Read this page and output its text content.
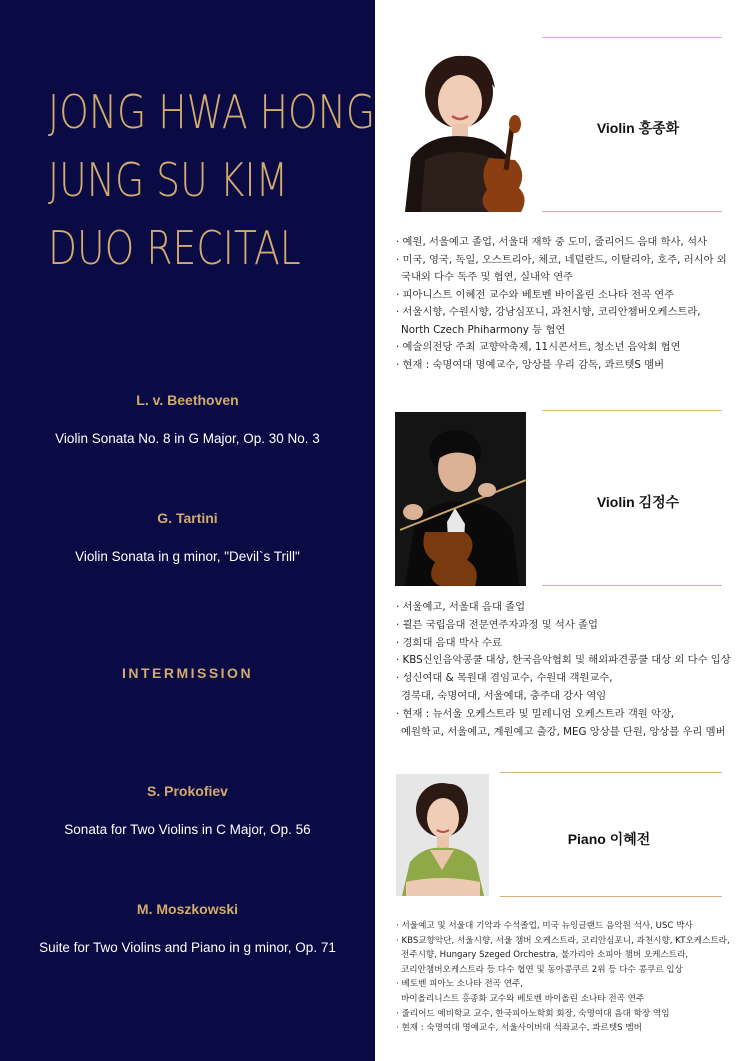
JONG HWA HONG
JUNG SU KIM
DUO RECITAL
L. v. Beethoven
Violin Sonata No. 8 in G Major, Op. 30 No. 3
G. Tartini
Violin Sonata in g minor, "Devil`s Trill"
INTERMISSION
S. Prokofiev
Sonata for Two Violins in C Major, Op. 56
M. Moszkowski
Suite for Two Violins and Piano in g minor, Op. 71
Violin 홍종화
· 예원, 서울예고 졸업, 서울대 재학 중 도미, 줄리어드 음대 학사, 석사
· 미국, 영국, 독일, 오스트리아, 체코, 네덜란드, 이탈리아, 호주, 러시아 외
국내외 다수 독주 및 협연, 실내악 연주
· 피아니스트 이혜전 교수와 베토벤 바이올린 소나타 전곡 연주
· 서울시향, 수원시향, 강남심포니, 과천시향, 코리안챔버오케스트라,
North Czech Phiharmony 등 협연
· 예술의전당 주최 교향악축제, 11시콘서트, 청소년 음악회 협연
· 현재 : 숙명여대 명예교수, 앙상블 우리 감독, 콰르텟S 멤버
Violin 김정수
· 서울예고, 서울대 음대 졸업
· 쾰른 국립음대 전문연주자과정 및 석사 졸업
· 경희대 음대 박사 수료
· KBS신인음악콩쿨 대상, 한국음악협회 및 해외파견콩쿨 대상 외 다수 입상
· 성신여대 & 목원대 겸임교수, 수원대 객원교수,
경북대, 숙명여대, 서울예대, 충주대 강사 역임
· 현재 : 뉴서울 오케스트라 및 밀레니엄 오케스트라 객원 악장,
예원학교, 서울예고, 계원예고 출강, MEG 앙상블 단원, 앙상블 우리 멤버
Piano 이혜전
· 서울예고 및 서울대 기악과 수석졸업, 미국 뉴잉글랜드 음악원 석사, USC 박사
· KBS교향악단, 서울시향, 서울 챔버 오케스트라, 코리안심포니, 과천시향, KT오케스트라,
전주시향, Hungary Szeged Orchestra, 불가리아 소피아 챔버 오케스트라,
코리안챔버오케스트라 등 다수 협연 및 동아콩쿠르 2위 등 다수 콩쿠르 입상
· 베토벤 피아노 소나타 전곡 연주,
바이올리니스트 홍종화 교수와 베토벤 바이올린 소나타 전곡 연주
· 줄리어드 예비학교 교수, 한국피아노학회 회장, 숙명여대 음대 학장 역임
· 현재 : 숙명여대 명예교수, 서울사이버대 석좌교수, 콰르텟S 멤버
